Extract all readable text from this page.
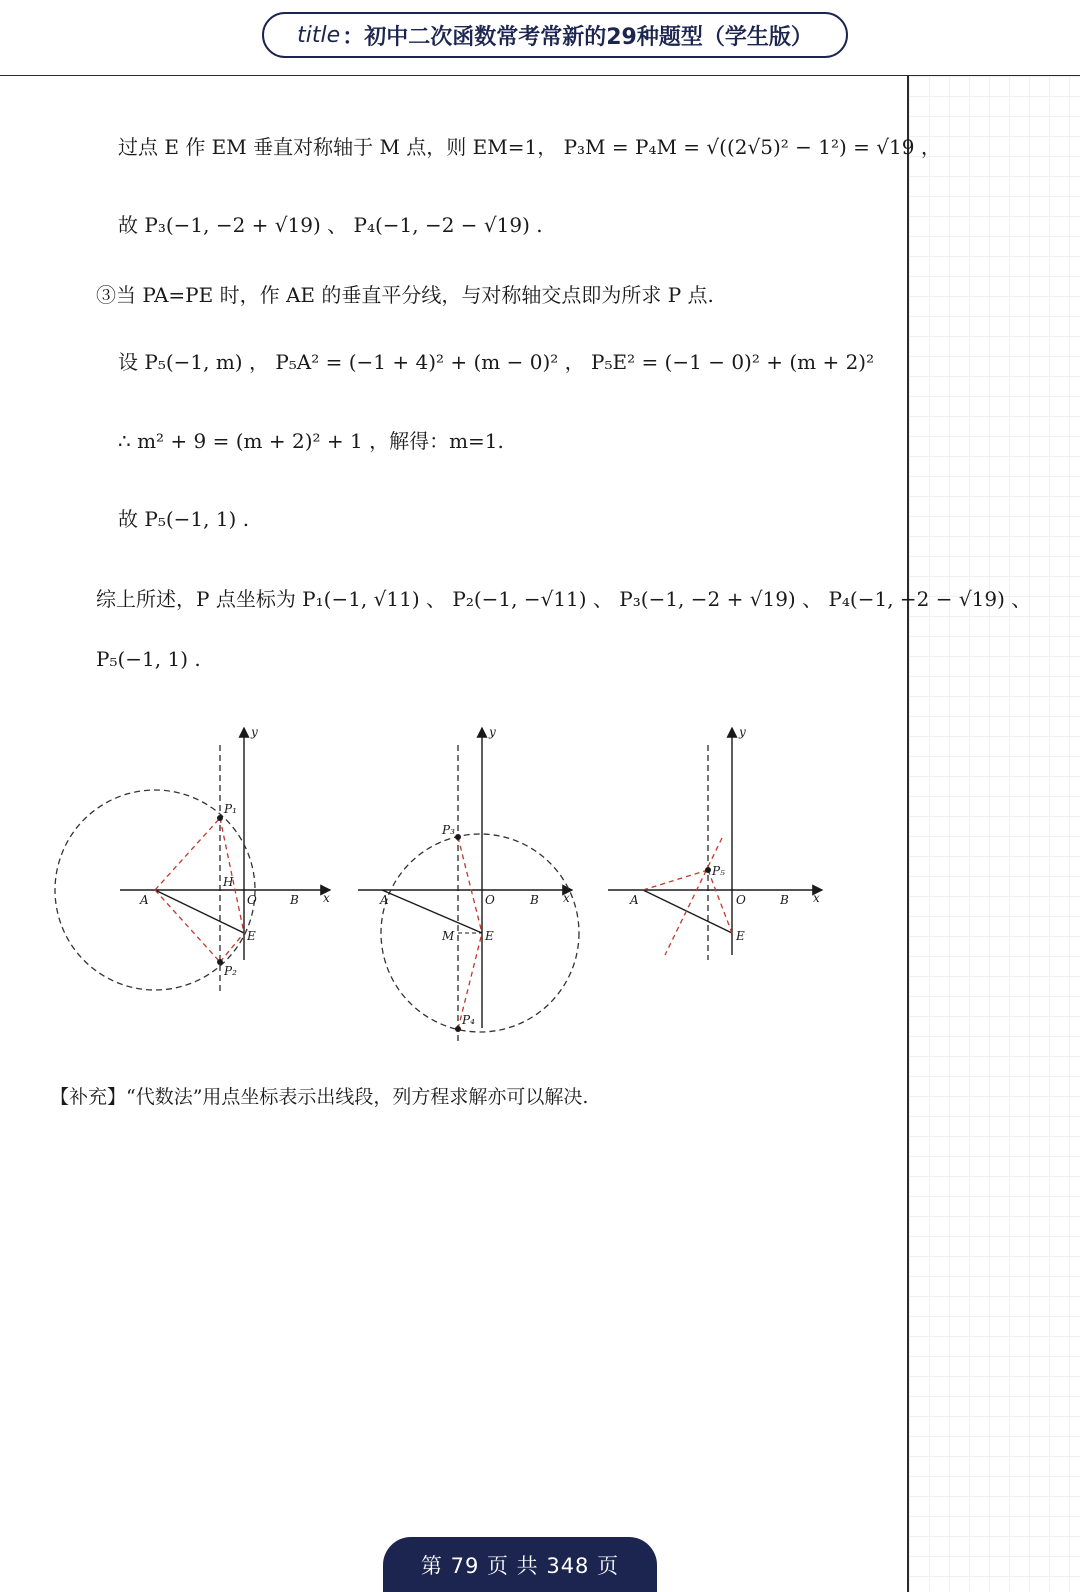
title ： 初中二次函数常考常新的29种题型（学生版）
过点 E 作 EM 垂直对称轴于 M 点，则 EM=1， P₃M = P₄M = √((2√5)² − 1²) = √19 ，
故 P₃(−1, −2 + √19) 、 P₄(−1, −2 − √19) .
③当 PA=PE 时，作 AE 的垂直平分线，与对称轴交点即为所求 P 点.
设 P₅(−1, m) ， P₅A² = (−1 + 4)² + (m − 0)² ， P₅E² = (−1 − 0)² + (m + 2)²
∴ m² + 9 = (m + 2)² + 1 ，解得：m=1.
故 P₅(−1, 1) .
综上所述，P 点坐标为 P₁(−1, √11) 、 P₂(−1, −√11) 、 P₃(−1, −2 + √19) 、 P₄(−1, −2 − √19) 、
P₅(−1, 1) .
y
x
A	O	B
H
E
P₁
P₂
y
x
A	O	B
M	E
P₃
P₄
y
x
A	O	B
E
P₅
【补充】“代数法”用点坐标表示出线段，列方程求解亦可以解决.
第 79 页 共 348 页
